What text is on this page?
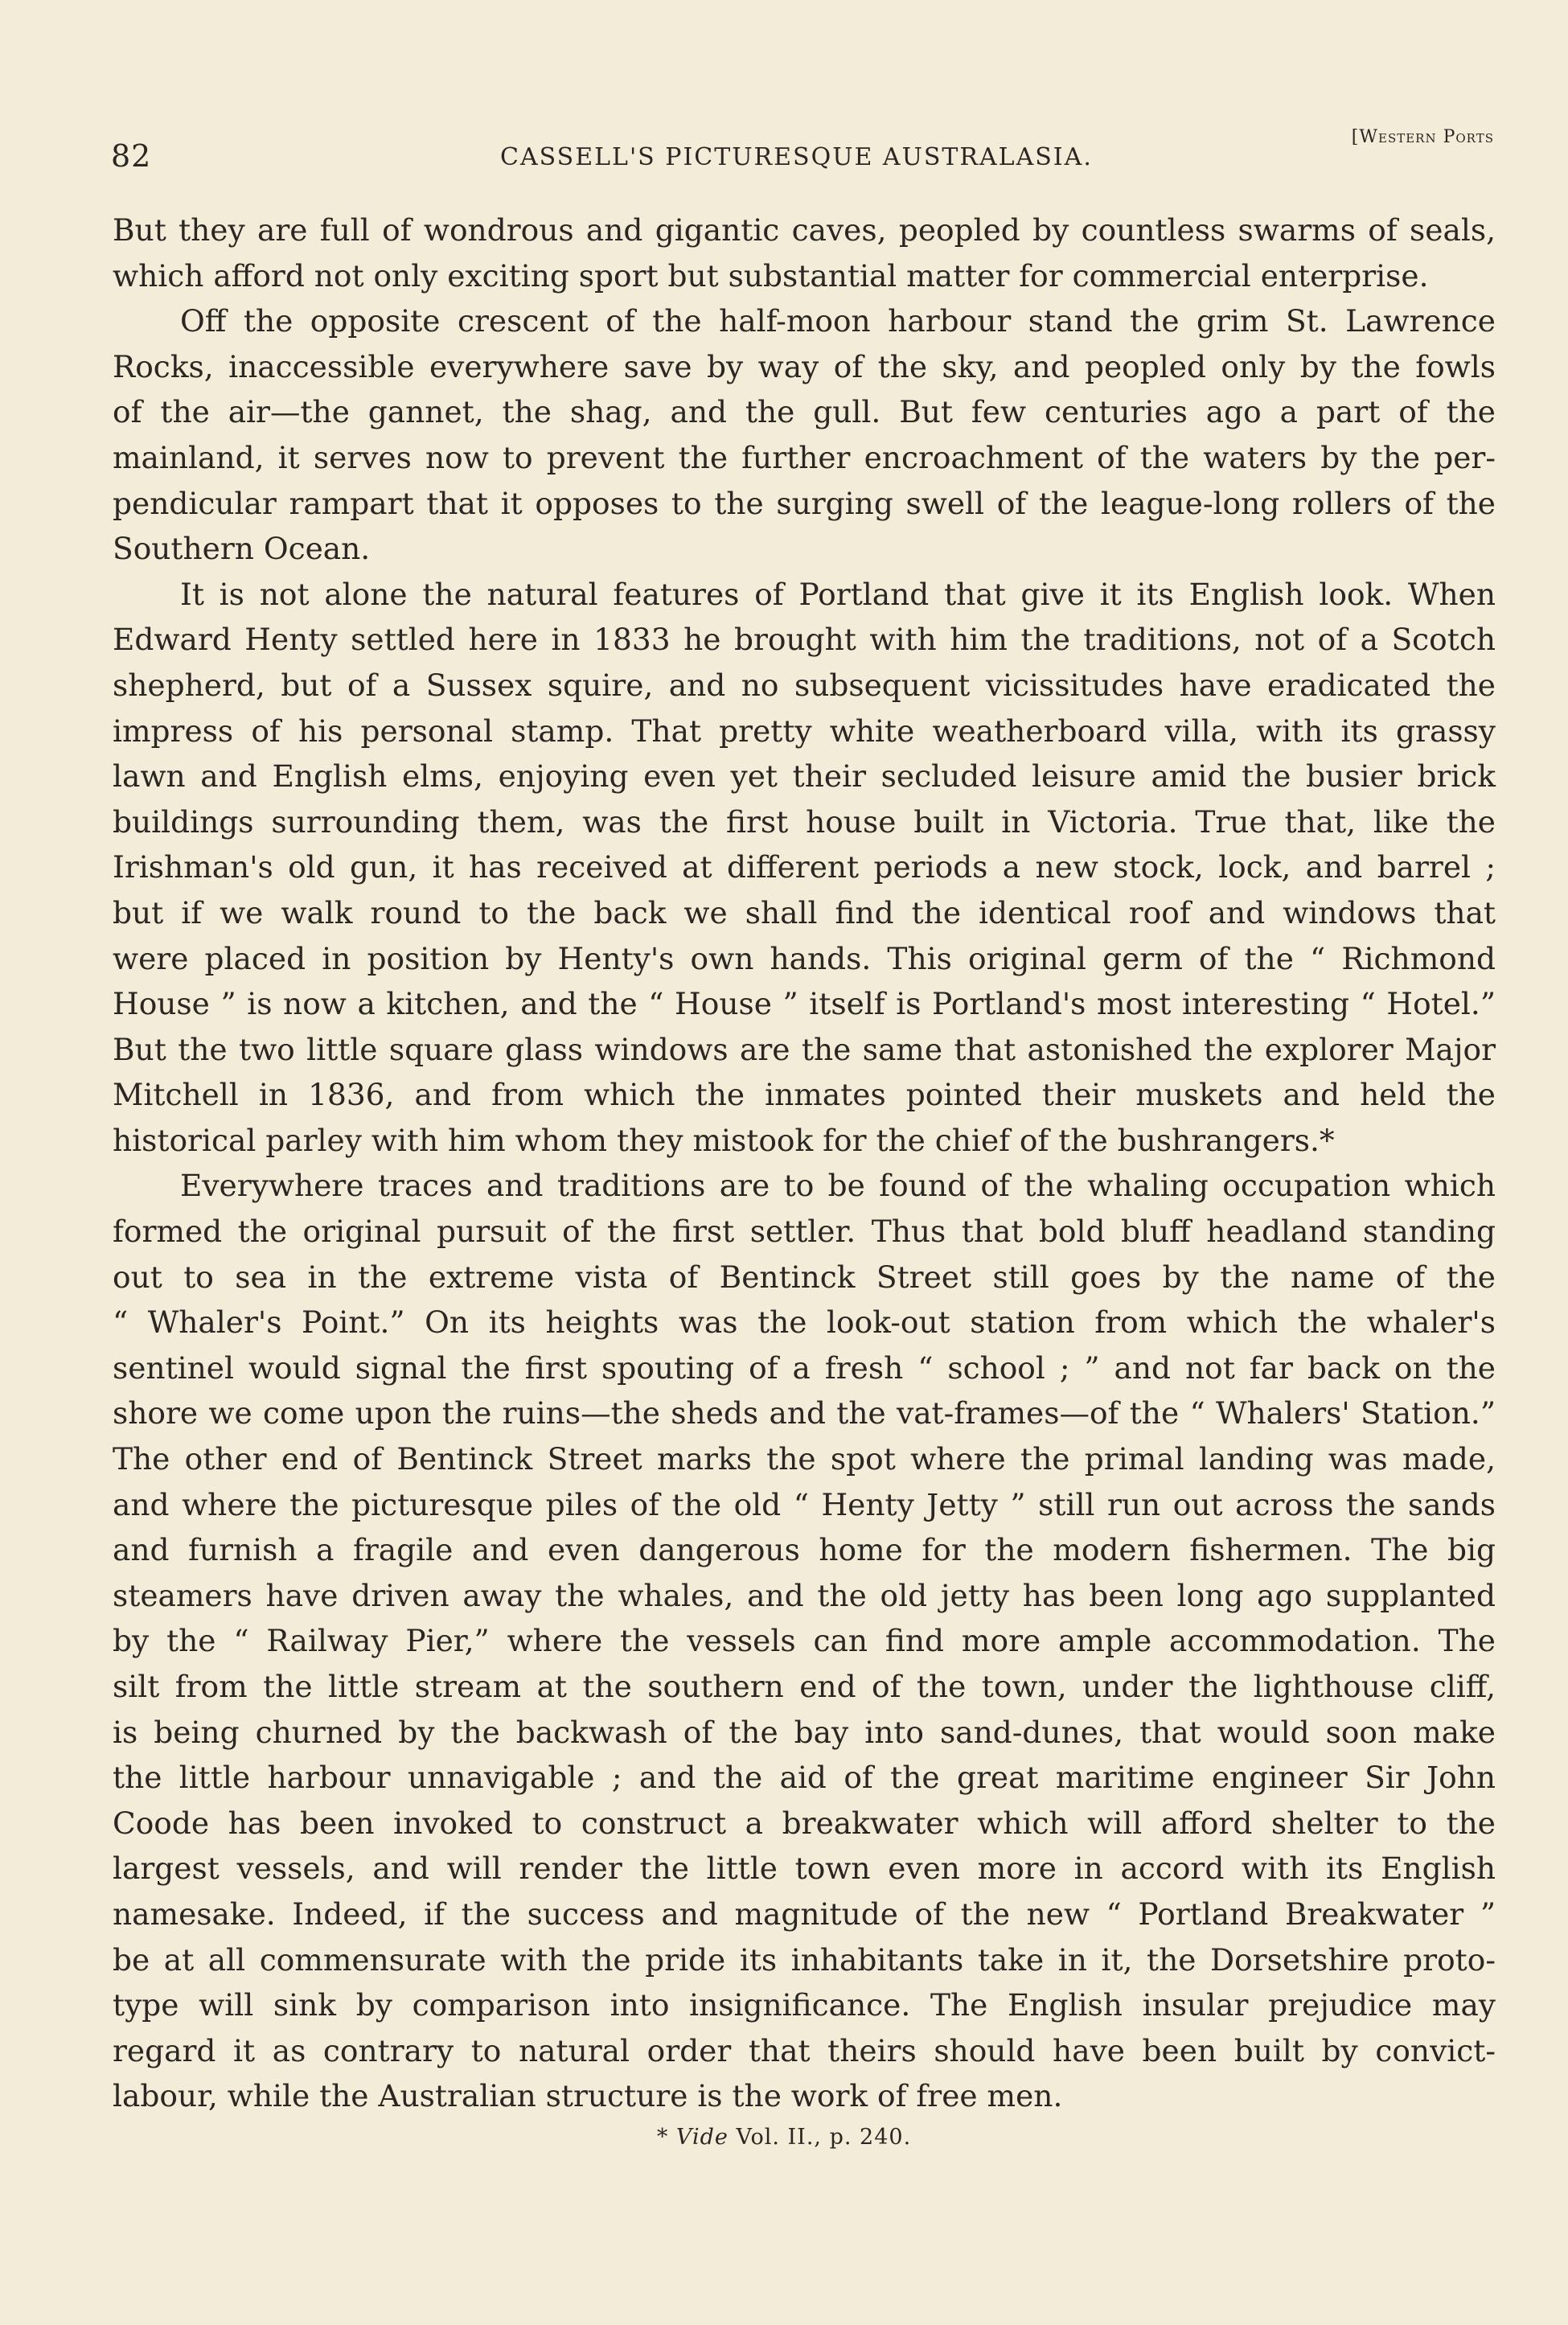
82	CASSELL'S PICTURESQUE AUSTRALASIA.
[Western Ports
But they are full of wondrous and gigantic caves, peopled by countless swarms of seals,
which afford not only exciting sport but substantial matter for commercial enterprise.
Off the opposite crescent of the half-moon harbour stand the grim St. Lawrence
Rocks, inaccessible everywhere save by way of the sky, and peopled only by the fowls
of the air—the gannet, the shag, and the gull. But few centuries ago a part of the
mainland, it serves now to prevent the further encroachment of the waters by the per-
pendicular rampart that it opposes to the surging swell of the league-long rollers of the
Southern Ocean.
It is not alone the natural features of Portland that give it its English look. When
Edward Henty settled here in 1833 he brought with him the traditions, not of a Scotch
shepherd, but of a Sussex squire, and no subsequent vicissitudes have eradicated the
impress of his personal stamp. That pretty white weatherboard villa, with its grassy
lawn and English elms, enjoying even yet their secluded leisure amid the busier brick
buildings surrounding them, was the first house built in Victoria. True that, like the
Irishman's old gun, it has received at different periods a new stock, lock, and barrel ;
but if we walk round to the back we shall find the identical roof and windows that
were placed in position by Henty's own hands. This original germ of the “ Richmond
House ” is now a kitchen, and the “ House ” itself is Portland's most interesting “ Hotel.”
But the two little square glass windows are the same that astonished the explorer Major
Mitchell in 1836, and from which the inmates pointed their muskets and held the
historical parley with him whom they mistook for the chief of the bushrangers.*
Everywhere traces and traditions are to be found of the whaling occupation which
formed the original pursuit of the first settler. Thus that bold bluff headland standing
out to sea in the extreme vista of Bentinck Street still goes by the name of the
“ Whaler's Point.” On its heights was the look-out station from which the whaler's
sentinel would signal the first spouting of a fresh “ school ; ” and not far back on the
shore we come upon the ruins—the sheds and the vat-frames—of the “ Whalers' Station.”
The other end of Bentinck Street marks the spot where the primal landing was made,
and where the picturesque piles of the old “ Henty Jetty ” still run out across the sands
and furnish a fragile and even dangerous home for the modern fishermen. The big
steamers have driven away the whales, and the old jetty has been long ago supplanted
by the “ Railway Pier,” where the vessels can find more ample accommodation. The
silt from the little stream at the southern end of the town, under the lighthouse cliff,
is being churned by the backwash of the bay into sand-dunes, that would soon make
the little harbour unnavigable ; and the aid of the great maritime engineer Sir John
Coode has been invoked to construct a breakwater which will afford shelter to the
largest vessels, and will render the little town even more in accord with its English
namesake. Indeed, if the success and magnitude of the new “ Portland Breakwater ”
be at all commensurate with the pride its inhabitants take in it, the Dorsetshire proto-
type will sink by comparison into insignificance. The English insular prejudice may
regard it as contrary to natural order that theirs should have been built by convict-
labour, while the Australian structure is the work of free men.
* Vide Vol. II., p. 240.
